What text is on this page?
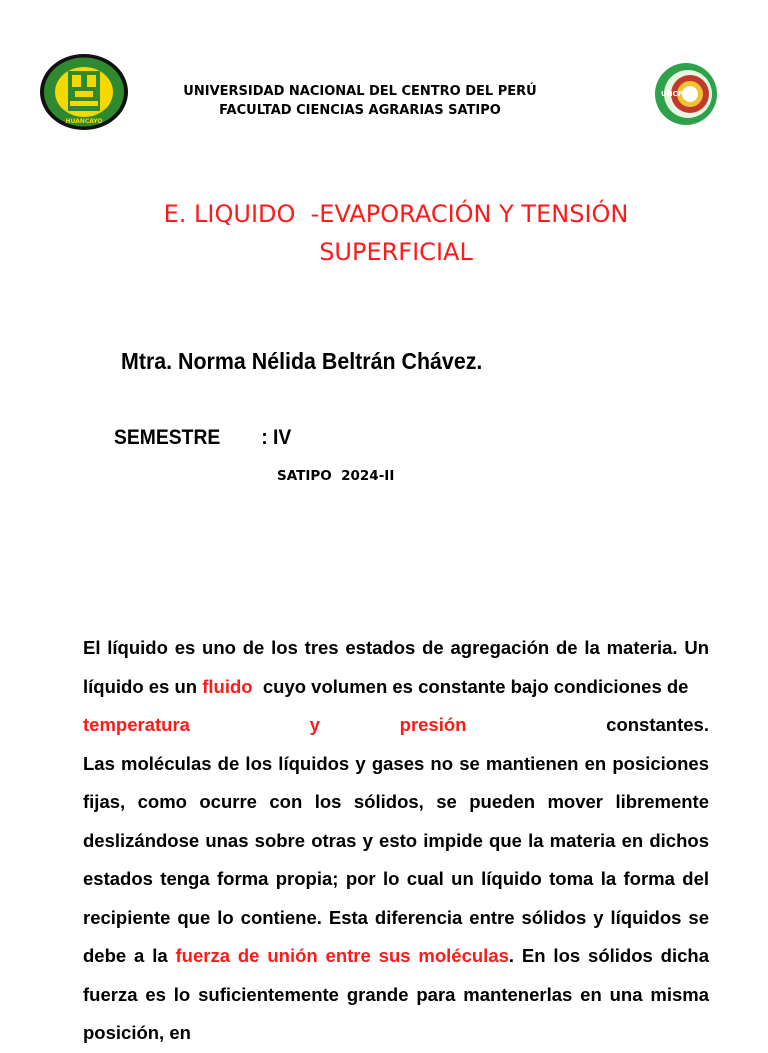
HUANCAYO
UNIVERSIDAD NACIONAL DEL CENTRO DEL PERÚ
FACULTAD CIENCIAS AGRARIAS SATIPO
UNCP
E. LIQUIDO  -EVAPORACIÓN Y TENSIÓN
SUPERFICIAL
Mtra. Norma Nélida Beltrán Chávez.
SEMESTRE : IV
SATIPO  2024-II

El líquido es uno de los tres estados de agregación de la materia. Un líquido es un fluido  cuyo volumen es constante bajo condiciones de
temperatura	y	presión	constantes.

Las moléculas de los líquidos y gases no se mantienen en posiciones fijas, como ocurre con los sólidos, se pueden mover libremente deslizándose unas sobre otras y esto impide que la materia en dichos estados tenga forma propia; por lo cual un líquido toma la forma del recipiente que lo contiene. Esta diferencia entre sólidos y líquidos se debe a la fuerza de unión entre sus moléculas. En los sólidos dicha fuerza es lo suficientemente grande para mantenerlas en una misma posición, en
